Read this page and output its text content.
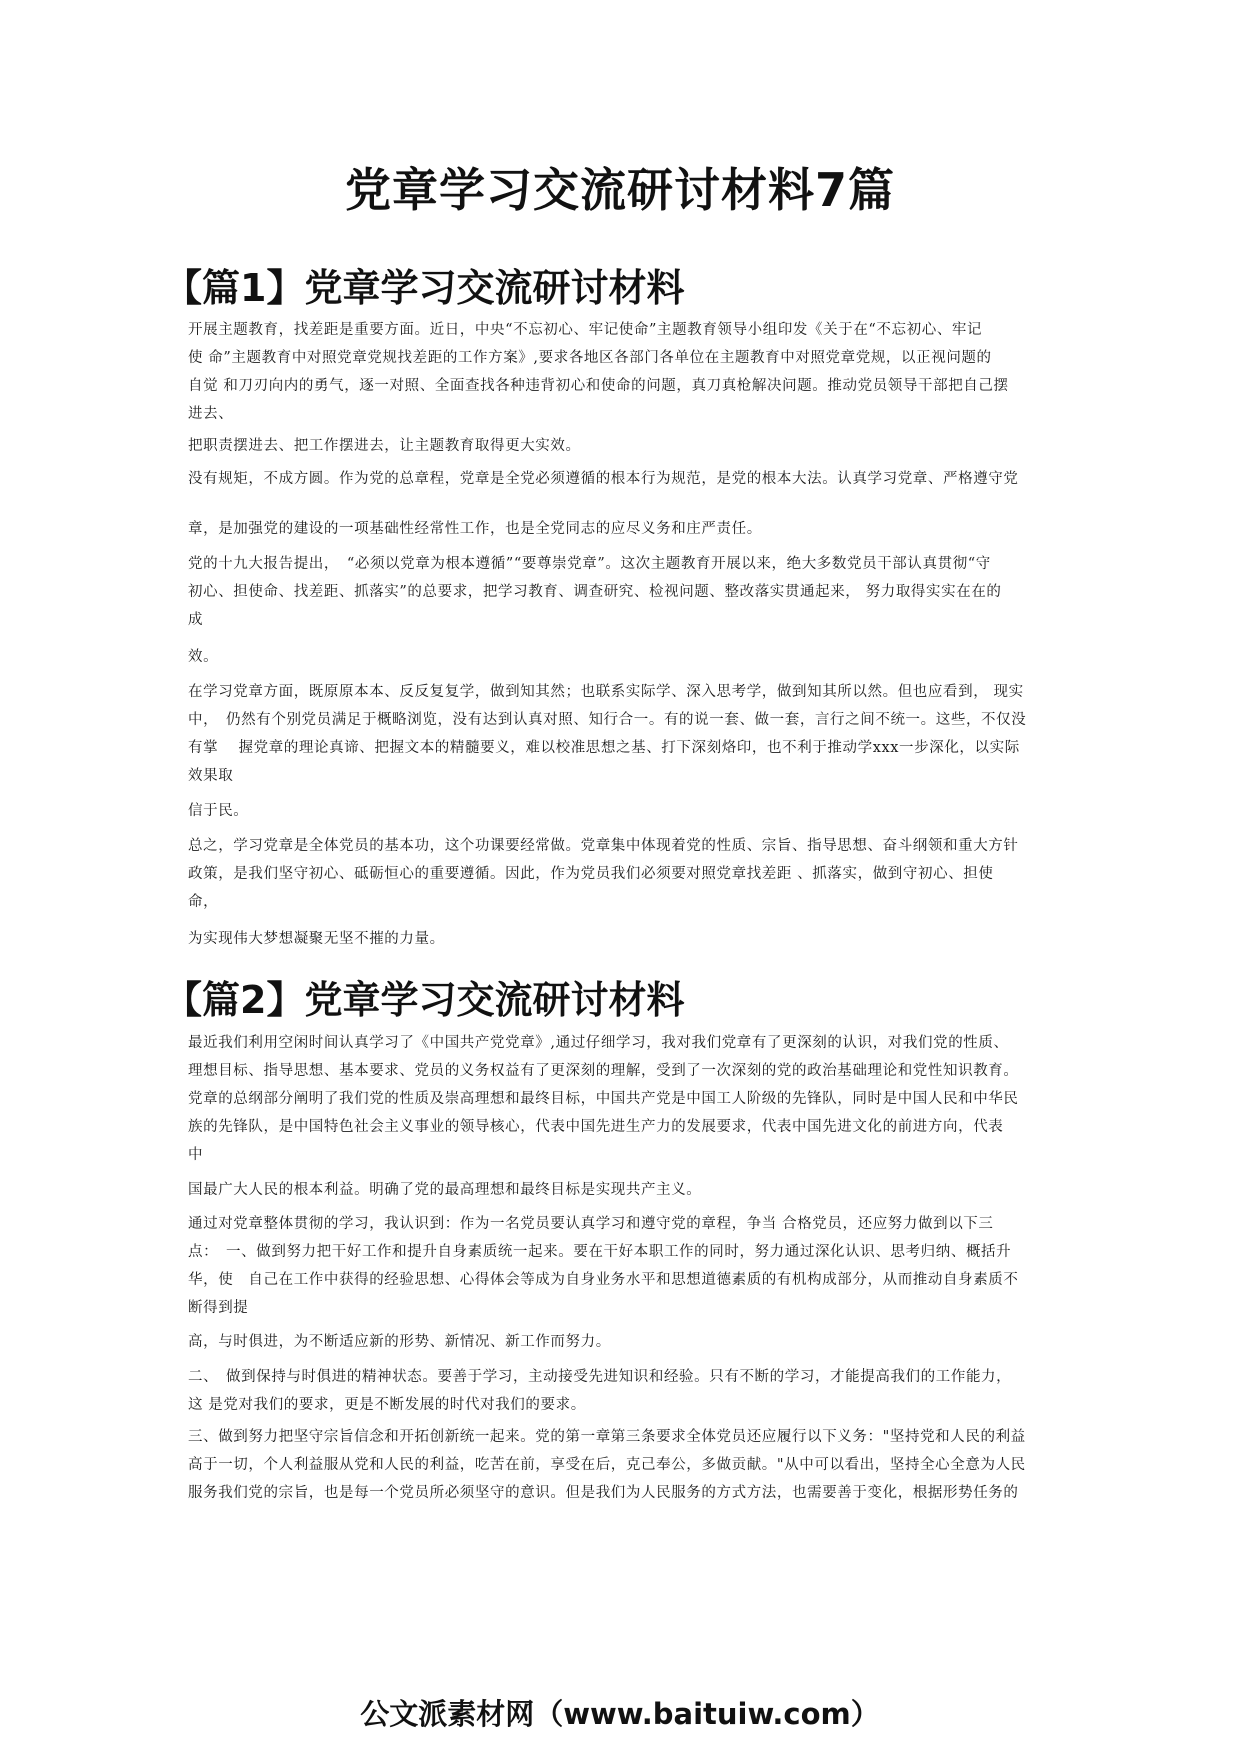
党章学习交流研讨材料7篇
【篇1】党章学习交流研讨材料

开展主题教育，找差距是重要方面。近日，中央“不忘初心、牢记使命”主题教育领导小组印发《关于在“不忘初心、牢记
使 命”主题教育中对照党章党规找差距的工作方案》,要求各地区各部门各单位在主题教育中对照党章党规，以正视问题的
自觉 和刀刃向内的勇气，逐一对照、全面查找各种违背初心和使命的问题，真刀真枪解决问题。推动党员领导干部把自己摆
进去、

把职责摆进去、把工作摆进去，让主题教育取得更大实效。

没有规矩，不成方圆。作为党的总章程，党章是全党必须遵循的根本行为规范，是党的根本大法。认真学习党章、严格遵守党

章，是加强党的建设的一项基础性经常性工作，也是全党同志的应尽义务和庄严责任。

党的十九大报告提出，　“必须以党章为根本遵循”“要尊崇党章”。这次主题教育开展以来，绝大多数党员干部认真贯彻“守
初心、担使命、找差距、抓落实”的总要求，把学习教育、调查研究、检视问题、整改落实贯通起来， 努力取得实实在在的
成

效。

在学习党章方面，既原原本本、反反复复学，做到知其然；也联系实际学、深入思考学，做到知其所以然。但也应看到， 现实
中，　仍然有个别党员满足于概略浏览，没有达到认真对照、知行合一。有的说一套、做一套，言行之间不统一。这些，不仅没
有掌　 握党章的理论真谛、把握文本的精髓要义，难以校准思想之基、打下深刻烙印，也不利于推动学xxx一步深化，以实际
效果取

信于民。

总之，学习党章是全体党员的基本功，这个功课要经常做。党章集中体现着党的性质、宗旨、指导思想、奋斗纲领和重大方针
政策，是我们坚守初心、砥砺恒心的重要遵循。因此，作为党员我们必须要对照党章找差距 、抓落实，做到守初心、担使
命，

为实现伟大梦想凝聚无坚不摧的力量。

【篇2】党章学习交流研讨材料

最近我们利用空闲时间认真学习了《中国共产党党章》,通过仔细学习，我对我们党章有了更深刻的认识，对我们党的性质、
理想目标、指导思想、基本要求、党员的义务权益有了更深刻的理解，受到了一次深刻的党的政治基础理论和党性知识教育。
党章的总纲部分阐明了我们党的性质及崇高理想和最终目标，中国共产党是中国工人阶级的先锋队，同时是中国人民和中华民
族的先锋队，是中国特色社会主义事业的领导核心，代表中国先进生产力的发展要求，代表中国先进文化的前进方向，代表
中

国最广大人民的根本利益。明确了党的最高理想和最终目标是实现共产主义。

通过对党章整体贯彻的学习，我认识到：作为一名党员要认真学习和遵守党的章程，争当 合格党员，还应努力做到以下三
点：　一、做到努力把干好工作和提升自身素质统一起来。要在干好本职工作的同时，努力通过深化认识、思考归纳、概括升
华，使　自己在工作中获得的经验思想、心得体会等成为自身业务水平和思想道德素质的有机构成部分，从而推动自身素质不
断得到提

高，与时俱进，为不断适应新的形势、新情况、新工作而努力。

二、　做到保持与时俱进的精神状态。要善于学习，主动接受先进知识和经验。只有不断的学习，才能提高我们的工作能力，
这 是党对我们的要求，更是不断发展的时代对我们的要求。

三、做到努力把坚守宗旨信念和开拓创新统一起来。党的第一章第三条要求全体党员还应履行以下义务："坚持党和人民的利益
高于一切，个人利益服从党和人民的利益，吃苦在前，享受在后，克己奉公，多做贡献。"从中可以看出，坚持全心全意为人民
服务我们党的宗旨，也是每一个党员所必须坚守的意识。但是我们为人民服务的方式方法，也需要善于变化，根据形势任务的

公文派素材网（www.baituiw.com）
